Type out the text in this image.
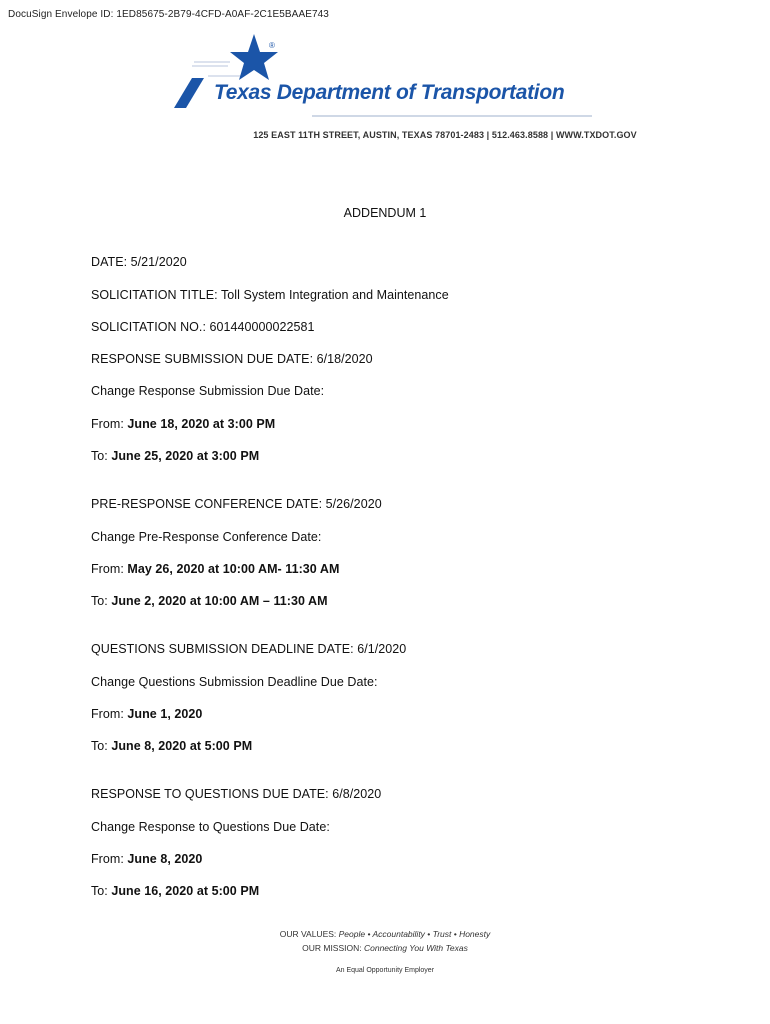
DocuSign Envelope ID: 1ED85675-2B79-4CFD-A0AF-2C1E5BAAE743
®
Texas Department of Transportation
125 EAST 11TH STREET, AUSTIN, TEXAS 78701-2483 | 512.463.8588 | WWW.TXDOT.GOV
ADDENDUM 1
DATE: 5/21/2020
SOLICITATION TITLE: Toll System Integration and Maintenance
SOLICITATION NO.: 601440000022581
RESPONSE SUBMISSION DUE DATE: 6/18/2020
Change Response Submission Due Date:
From: June 18, 2020 at 3:00 PM
To: June 25, 2020 at 3:00 PM
PRE-RESPONSE CONFERENCE DATE: 5/26/2020
Change Pre-Response Conference Date:
From: May 26, 2020 at 10:00 AM- 11:30 AM
To: June 2, 2020 at 10:00 AM – 11:30 AM
QUESTIONS SUBMISSION DEADLINE DATE: 6/1/2020
Change Questions Submission Deadline Due Date:
From: June 1, 2020
To: June 8, 2020 at 5:00 PM
RESPONSE TO QUESTIONS DUE DATE: 6/8/2020
Change Response to Questions Due Date:
From: June 8, 2020
To: June 16, 2020 at 5:00 PM
OUR VALUES: People • Accountability • Trust • Honesty
OUR MISSION: Connecting You With Texas
An Equal Opportunity Employer
